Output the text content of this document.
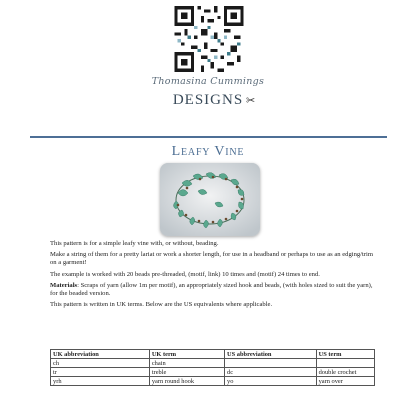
Thomasina Cummings
DESIGNS ✂
Leafy Vine

This pattern is for a simple leafy vine with, or without, beading.

Make a string of them for a pretty lariat or work a shorter length, for use in a headband or perhaps to use as an edging/trim on a garment!

The example is worked with 20 beads pre-threaded, (motif, link) 10 times and (motif) 24 times to end.

Materials: Scraps of yarn (allow 1m per motif), an appropriately sized hook and beads, (with holes sized to suit the yarn), for the beaded version.

This pattern is written in UK terms. Below are the US equivalents where applicable.

UK abbreviation	UK term	US abbreviation	US term
ch	chain		
tr	treble	dc	double crochet
yrh	yarn round hook	yo	yarn over
